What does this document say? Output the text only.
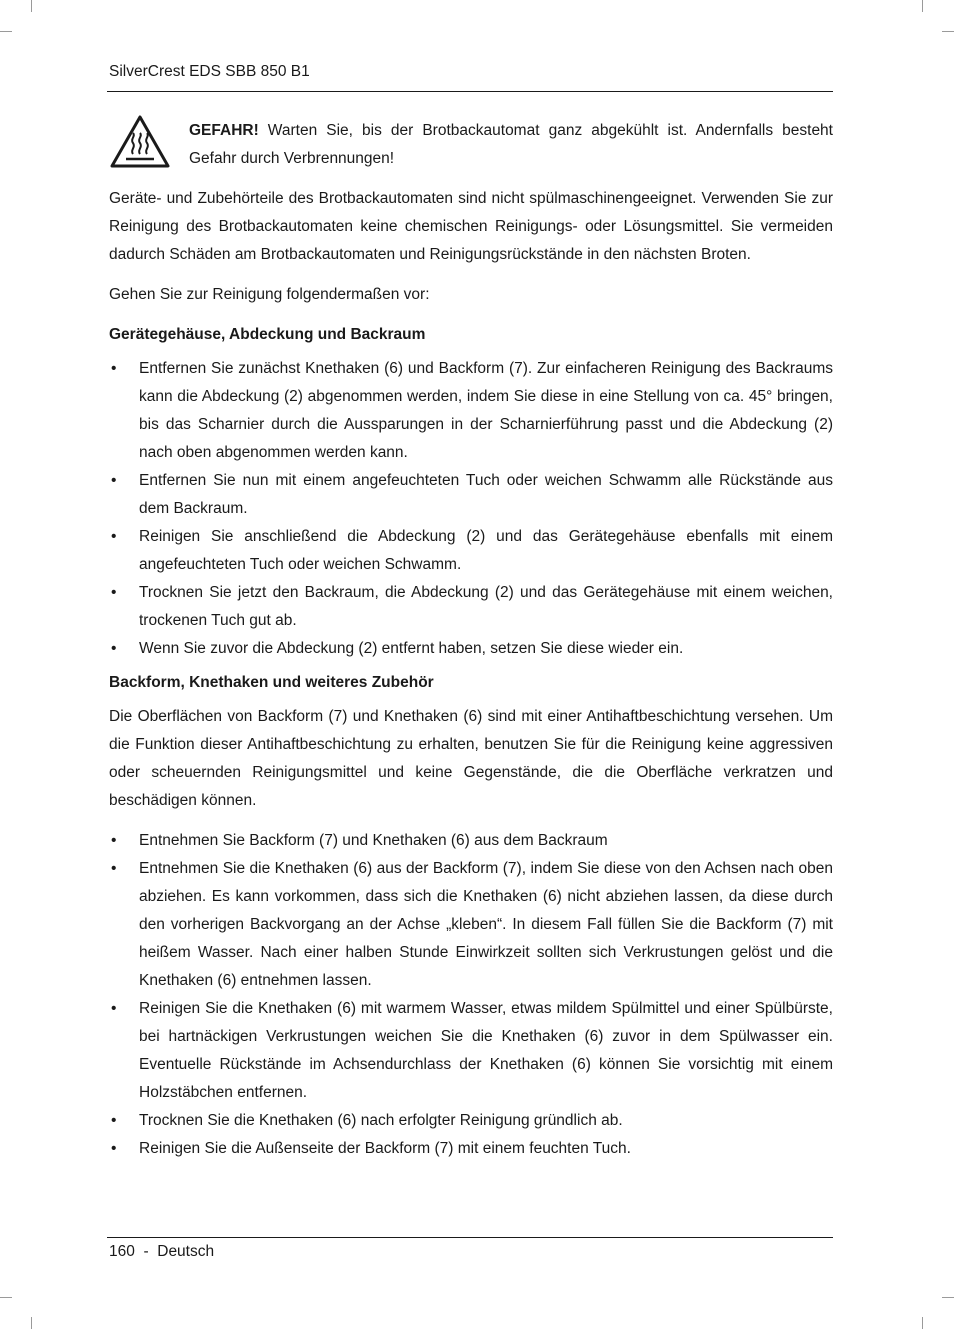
SilverCrest EDS SBB 850 B1
GEFAHR! Warten Sie, bis der Brotbackautomat ganz abgekühlt ist. Andernfalls besteht Gefahr durch Verbrennungen!

Geräte- und Zubehörteile des Brotbackautomaten sind nicht spülmaschinengeeignet. Verwenden Sie zur Reinigung des Brotbackautomaten keine chemischen Reinigungs- oder Lösungsmittel. Sie vermeiden dadurch Schäden am Brotbackautomaten und Reinigungsrückstände in den nächsten Broten.

Gehen Sie zur Reinigung folgendermaßen vor:

Gerätegehäuse, Abdeckung und Backraum
• Entfernen Sie zunächst Knethaken (6) und Backform (7). Zur einfacheren Reinigung des Backraums kann die Abdeckung (2) abgenommen werden, indem Sie diese in eine Stellung von ca. 45° bringen, bis das Scharnier durch die Aussparungen in der Scharnierführung passt und die Abdeckung (2) nach oben abgenommen werden kann.
• Entfernen Sie nun mit einem angefeuchteten Tuch oder weichen Schwamm alle Rückstände aus dem Backraum.
• Reinigen Sie anschließend die Abdeckung (2) und das Gerätegehäuse ebenfalls mit einem angefeuchteten Tuch oder weichen Schwamm.
• Trocknen Sie jetzt den Backraum, die Abdeckung (2) und das Gerätegehäuse mit einem weichen, trockenen Tuch gut ab.
• Wenn Sie zuvor die Abdeckung (2) entfernt haben, setzen Sie diese wieder ein.
Backform, Knethaken und weiteres Zubehör

Die Oberflächen von Backform (7) und Knethaken (6) sind mit einer Antihaftbeschichtung versehen. Um die Funktion dieser Antihaftbeschichtung zu erhalten, benutzen Sie für die Reinigung keine aggressiven oder scheuernden Reinigungsmittel und keine Gegenstände, die die Oberfläche verkratzen und beschädigen können.

• Entnehmen Sie Backform (7) und Knethaken (6) aus dem Backraum
• Entnehmen Sie die Knethaken (6) aus der Backform (7), indem Sie diese von den Achsen nach oben abziehen. Es kann vorkommen, dass sich die Knethaken (6) nicht abziehen lassen, da diese durch den vorherigen Backvorgang an der Achse „kleben“. In diesem Fall füllen Sie die Backform (7) mit heißem Wasser. Nach einer halben Stunde Einwirkzeit sollten sich Verkrustungen gelöst und die Knethaken (6) entnehmen lassen.
• Reinigen Sie die Knethaken (6) mit warmem Wasser, etwas mildem Spülmittel und einer Spülbürste, bei hartnäckigen Verkrustungen weichen Sie die Knethaken (6) zuvor in dem Spülwasser ein. Eventuelle Rückstände im Achsendurchlass der Knethaken (6) können Sie vorsichtig mit einem Holzstäbchen entfernen.
• Trocknen Sie die Knethaken (6) nach erfolgter Reinigung gründlich ab.
• Reinigen Sie die Außenseite der Backform (7) mit einem feuchten Tuch.
160  -  Deutsch
